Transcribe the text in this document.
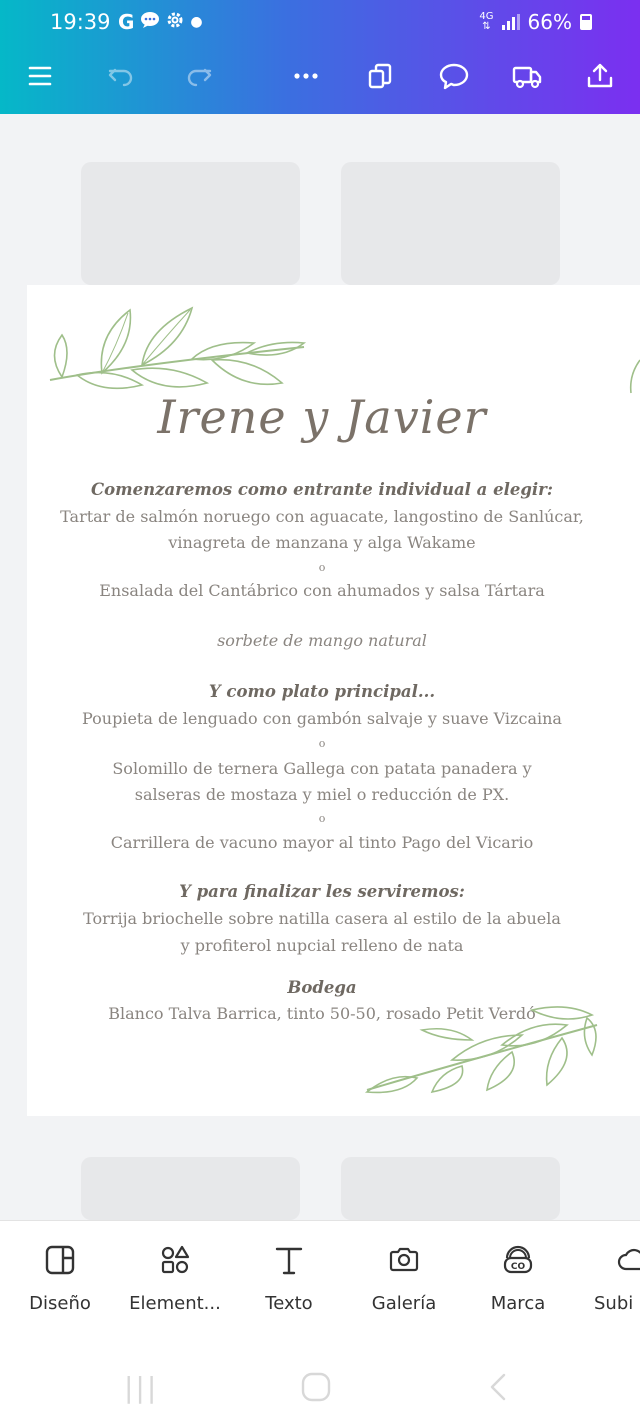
19:39 G	●	4G
⇅ 66%
Irene y Javier
Comenzaremos como entrante individual a elegir:
Tartar de salmón noruego con aguacate, langostino de Sanlúcar,
vinagreta de manzana y alga Wakame
o
Ensalada del Cantábrico con ahumados y salsa Tártara
sorbete de mango natural
Y como plato principal...
Poupieta de lenguado con gambón salvaje y suave Vizcaina
o
Solomillo de ternera Gallega con patata panadera y
salseras de mostaza y miel o reducción de PX.
o
Carrillera de vacuno mayor al tinto Pago del Vicario
Y para finalizar les serviremos:
Torrija briochelle sobre natilla casera al estilo de la abuela
y profiterol nupcial relleno de nata
Bodega
Blanco Talva Barrica, tinto 50-50, rosado Petit Verdó
Diseño	Element...	Texto	Galería
CO
Marca	Subi
|||
